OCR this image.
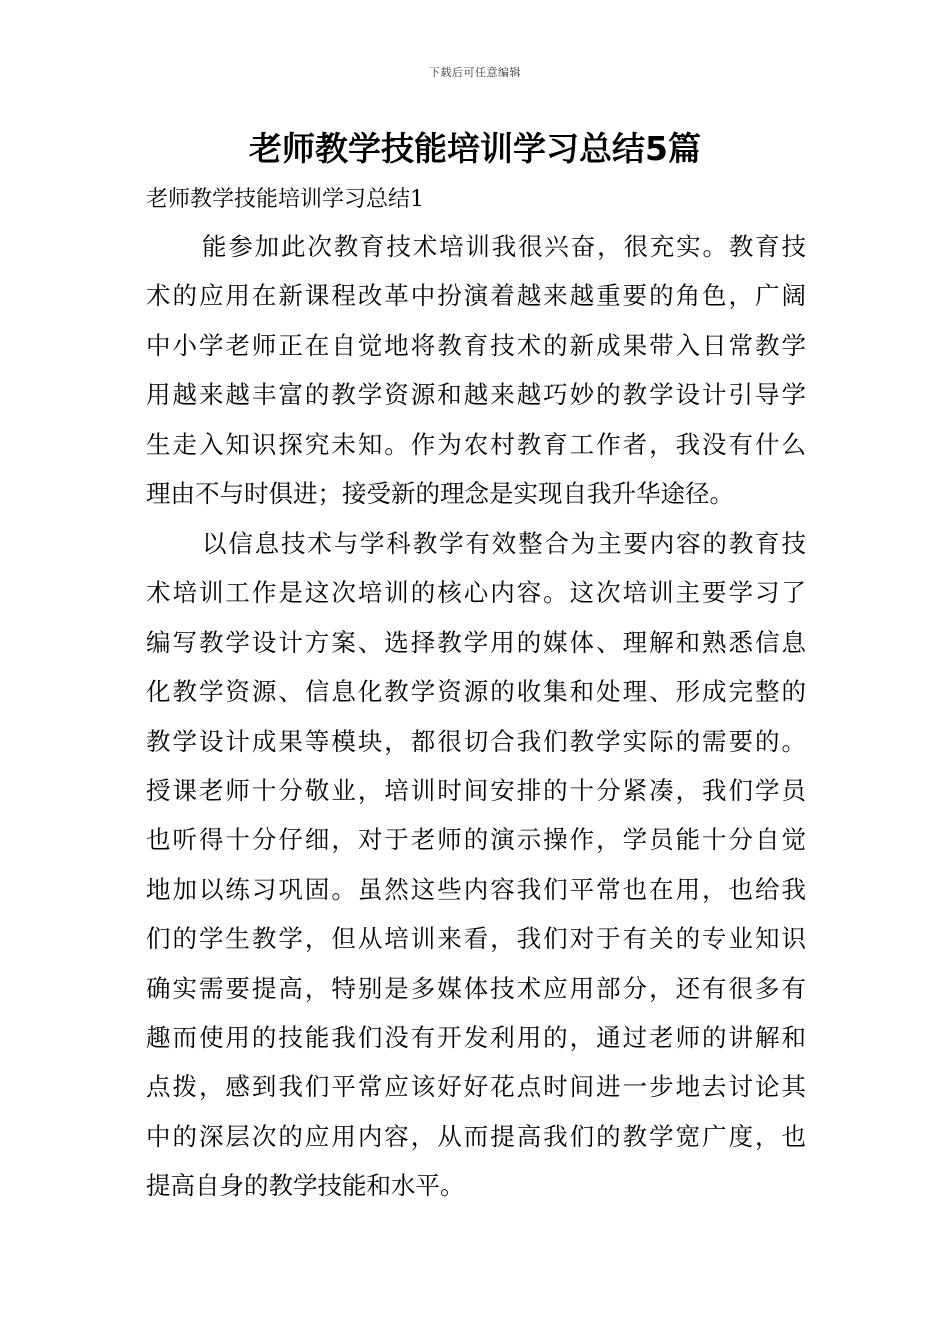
下载后可任意编辑
老师教学技能培训学习总结5篇
老师教学技能培训学习总结1
能参加此次教育技术培训我很兴奋，很充实。教育技
术的应用在新课程改革中扮演着越来越重要的角色，广阔
中小学老师正在自觉地将教育技术的新成果带入日常教学
用越来越丰富的教学资源和越来越巧妙的教学设计引导学
生走入知识探究未知。作为农村教育工作者，我没有什么
理由不与时俱进；接受新的理念是实现自我升华途径。
以信息技术与学科教学有效整合为主要内容的教育技
术培训工作是这次培训的核心内容。这次培训主要学习了
编写教学设计方案、选择教学用的媒体、理解和熟悉信息
化教学资源、信息化教学资源的收集和处理、形成完整的
教学设计成果等模块，都很切合我们教学实际的需要的。
授课老师十分敬业，培训时间安排的十分紧凑，我们学员
也听得十分仔细，对于老师的演示操作，学员能十分自觉
地加以练习巩固。虽然这些内容我们平常也在用，也给我
们的学生教学，但从培训来看，我们对于有关的专业知识
确实需要提高，特别是多媒体技术应用部分，还有很多有
趣而使用的技能我们没有开发利用的，通过老师的讲解和
点拨，感到我们平常应该好好花点时间进一步地去讨论其
中的深层次的应用内容，从而提高我们的教学宽广度，也
提高自身的教学技能和水平。
